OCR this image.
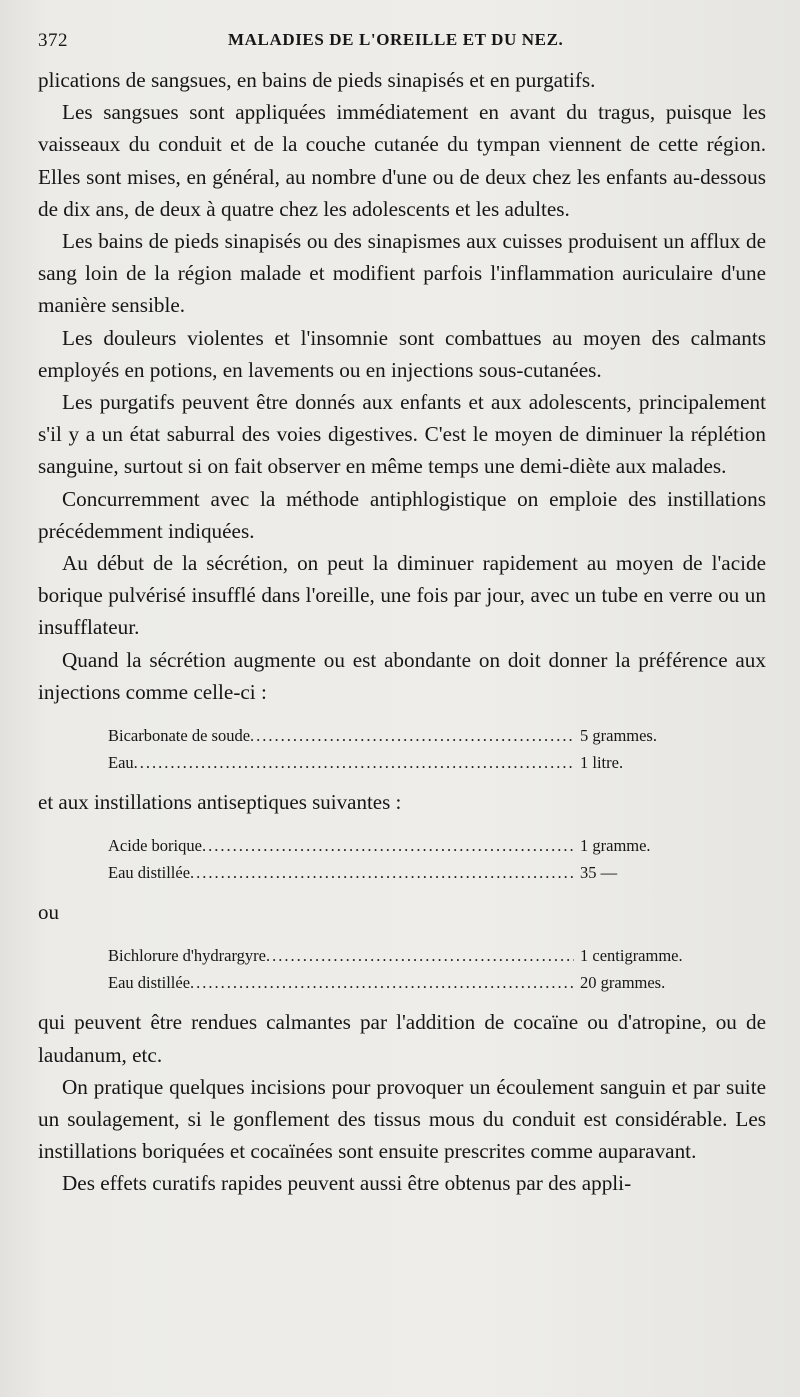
372	MALADIES DE L'OREILLE ET DU NEZ.

plications de sangsues, en bains de pieds sinapisés et en purgatifs.

Les sangsues sont appliquées immédiatement en avant du tragus, puisque les vaisseaux du conduit et de la couche cutanée du tympan viennent de cette région. Elles sont mises, en général, au nombre d'une ou de deux chez les enfants au-dessous de dix ans, de deux à quatre chez les adolescents et les adultes.

Les bains de pieds sinapisés ou des sinapismes aux cuisses produisent un afflux de sang loin de la région malade et modifient parfois l'inflammation auriculaire d'une manière sensible.

Les douleurs violentes et l'insomnie sont combattues au moyen des calmants employés en potions, en lavements ou en injections sous-cutanées.

Les purgatifs peuvent être donnés aux enfants et aux adolescents, principalement s'il y a un état saburral des voies digestives. C'est le moyen de diminuer la réplétion sanguine, surtout si on fait observer en même temps une demi-diète aux malades.

Concurremment avec la méthode antiphlogistique on emploie des instillations précédemment indiquées.

Au début de la sécrétion, on peut la diminuer rapidement au moyen de l'acide borique pulvérisé insufflé dans l'oreille, une fois par jour, avec un tube en verre ou un insufflateur.

Quand la sécrétion augmente ou est abondante on doit donner la préférence aux injections comme celle-ci :

Bicarbonate de soude .....	5 grammes.
Eau .....	1 litre.

et aux instillations antiseptiques suivantes :

Acide borique .....	1 gramme.
Eau distillée .....	35 —

ou

Bichlorure d'hydrargyre .....	1 centigramme.
Eau distillée .....	20 grammes.

qui peuvent être rendues calmantes par l'addition de cocaïne ou d'atropine, ou de laudanum, etc.

On pratique quelques incisions pour provoquer un écoulement sanguin et par suite un soulagement, si le gonflement des tissus mous du conduit est considérable. Les instillations boriquées et cocaïnées sont ensuite prescrites comme auparavant.

Des effets curatifs rapides peuvent aussi être obtenus par des appli-
